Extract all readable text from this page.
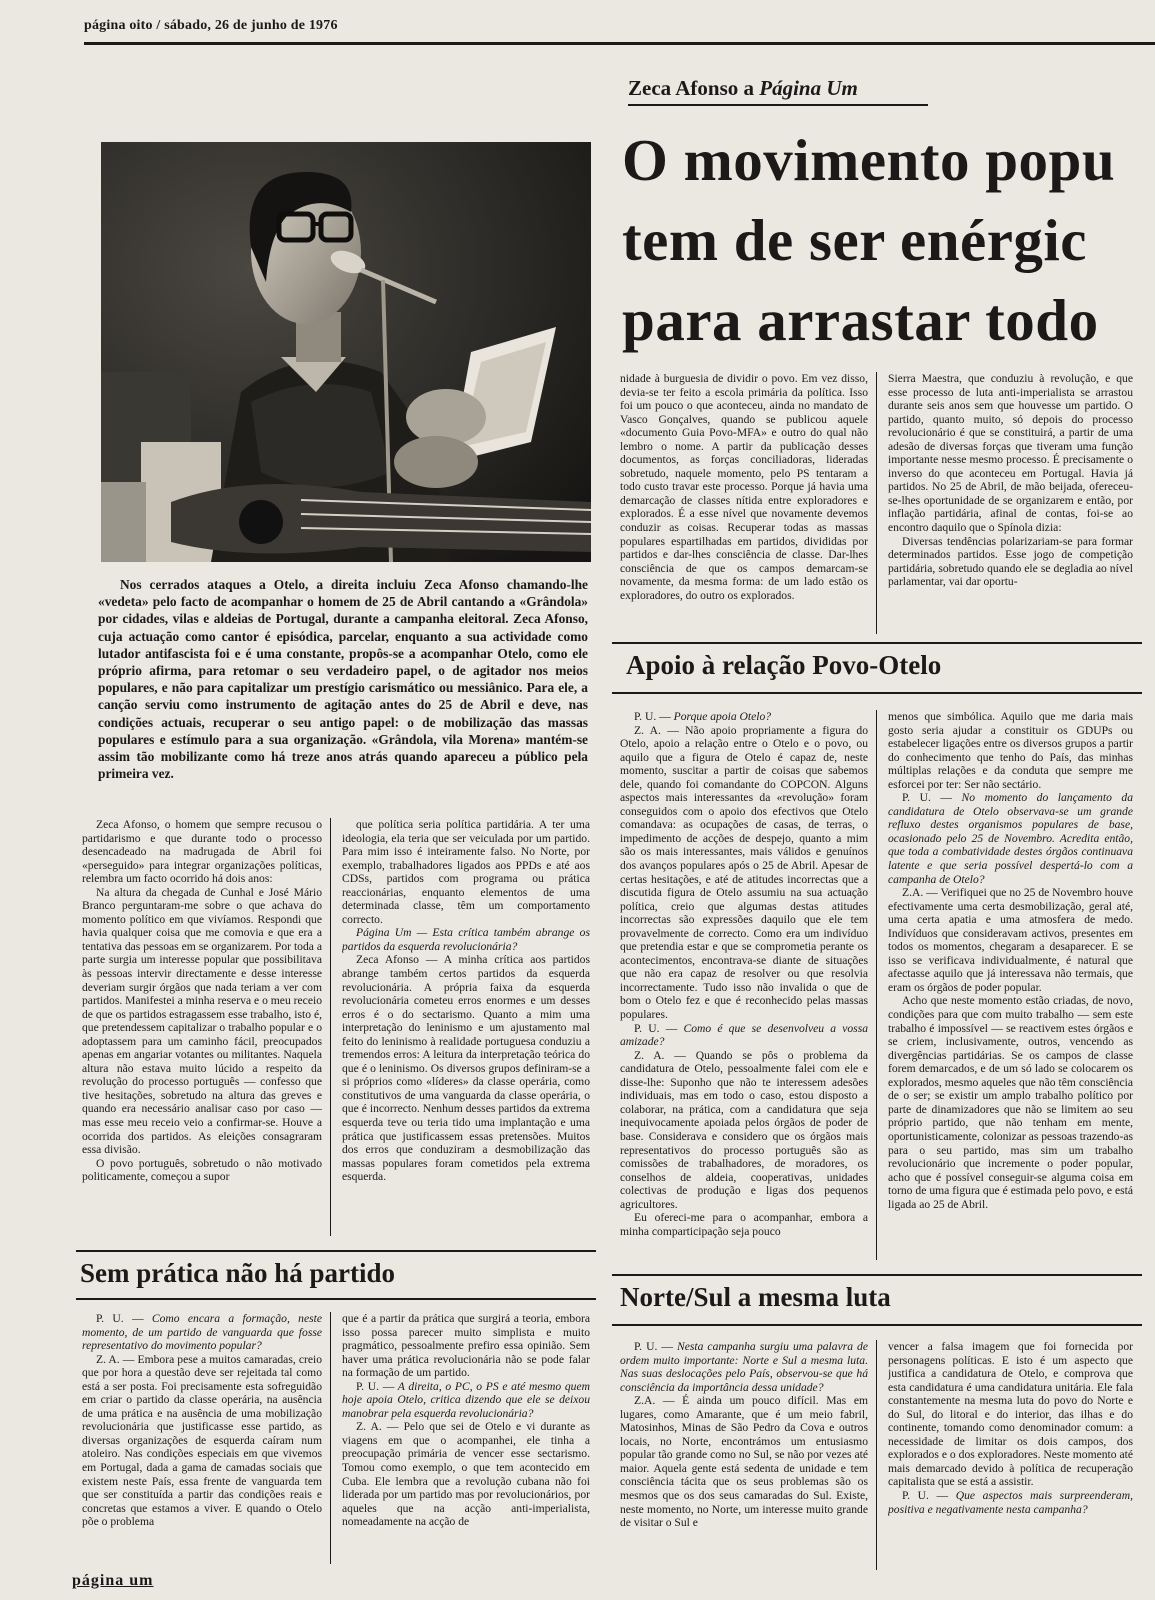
página oito / sábado, 26 de junho de 1976
Zeca Afonso a Página Um
O movimento popu
tem de ser enérgic
para arrastar todo

Nos cerrados ataques a Otelo, a direita incluiu Zeca Afonso chamando-lhe «vedeta» pelo facto de acompanhar o homem de 25 de Abril cantando a «Grândola» por cidades, vilas e aldeias de Portugal, durante a campanha eleitoral. Zeca Afonso, cuja actuação como cantor é episódica, parcelar, enquanto a sua actividade como lutador antifascista foi e é uma constante, propôs-se a acompanhar Otelo, como ele próprio afirma, para retomar o seu verdadeiro papel, o de agitador nos meios populares, e não para capitalizar um prestígio carismático ou messiânico. Para ele, a canção serviu como instrumento de agitação antes do 25 de Abril e deve, nas condições actuais, recuperar o seu antigo papel: o de mobilização das massas populares e estímulo para a sua organização. «Grândola, vila Morena» mantém-se assim tão mobilizante como há treze anos atrás quando apareceu a público pela primeira vez.

Zeca Afonso, o homem que sempre recusou o partidarismo e que durante todo o processo desencadeado na madrugada de Abril foi «perseguido» para integrar organizações políticas, relembra um facto ocorrido há dois anos:

Na altura da chegada de Cunhal e José Mário Branco perguntaram-me sobre o que achava do momento político em que vivíamos. Respondi que havia qualquer coisa que me comovia e que era a tentativa das pessoas em se organizarem. Por toda a parte surgia um interesse popular que possibilitava às pessoas intervir directamente e desse interesse deveriam surgir órgãos que nada teriam a ver com partidos. Manifestei a minha reserva e o meu receio de que os partidos estragassem esse trabalho, isto é, que pretendessem capitalizar o trabalho popular e o adoptassem para um caminho fácil, preocupados apenas em angariar votantes ou militantes. Naquela altura não estava muito lúcido a respeito da revolução do processo português — confesso que tive hesitações, sobretudo na altura das greves e quando era necessário analisar caso por caso — mas esse meu receio veio a confirmar-se. Houve a ocorrida dos partidos. As eleições consagraram essa divisão.

O povo português, sobretudo o não motivado politicamente, começou a supor

que política seria política partidária. A ter uma ideologia, ela teria que ser veiculada por um partido. Para mim isso é inteiramente falso. No Norte, por exemplo, trabalhadores ligados aos PPDs e até aos CDSs, partidos com programa ou prática reaccionárias, enquanto elementos de uma determinada classe, têm um comportamento correcto.

Página Um — Esta crítica também abrange os partidos da esquerda revolucionária?

Zeca Afonso — A minha crítica aos partidos abrange também certos partidos da esquerda revolucionária. A própria faixa da esquerda revolucionária cometeu erros enormes e um desses erros é o do sectarismo. Quanto a mim uma interpretação do leninismo e um ajustamento mal feito do leninismo à realidade portuguesa conduziu a tremendos erros: A leitura da interpretação teórica do que é o leninismo. Os diversos grupos definiram-se a si próprios como «líderes» da classe operária, como constitutivos de uma vanguarda da classe operária, o que é incorrecto. Nenhum desses partidos da extrema esquerda teve ou teria tido uma implantação e uma prática que justificassem essas pretensões. Muitos dos erros que conduziram a desmobilização das massas populares foram cometidos pela extrema esquerda.

nidade à burguesia de dividir o povo. Em vez disso, devia-se ter feito a escola primária da política. Isso foi um pouco o que aconteceu, ainda no mandato de Vasco Gonçalves, quando se publicou aquele «documento Guia Povo-MFA» e outro do qual não lembro o nome. A partir da publicação desses documentos, as forças conciliadoras, lideradas sobretudo, naquele momento, pelo PS tentaram a todo custo travar este processo. Porque já havia uma demarcação de classes nítida entre exploradores e explorados. É a esse nível que novamente devemos conduzir as coisas. Recuperar todas as massas populares espartilhadas em partidos, divididas por partidos e dar-lhes consciência de classe. Dar-lhes consciência de que os campos demarcam-se novamente, da mesma forma: de um lado estão os exploradores, do outro os explorados.

Sierra Maestra, que conduziu à revolução, e que esse processo de luta anti-imperialista se arrastou durante seis anos sem que houvesse um partido. O partido, quanto muito, só depois do processo revolucionário é que se constituirá, a partir de uma adesão de diversas forças que tiveram uma função importante nesse mesmo processo. É precisamente o inverso do que aconteceu em Portugal. Havia já partidos. No 25 de Abril, de mão beijada, ofereceu-se-lhes oportunidade de se organizarem e então, por inflação partidária, afinal de contas, foi-se ao encontro daquilo que o Spínola dizia:

Diversas tendências polarizariam-se para formar determinados partidos. Esse jogo de competição partidária, sobretudo quando ele se degladia ao nível parlamentar, vai dar oportu-

Apoio à relação Povo-Otelo

P. U. — Porque apoia Otelo?

Z. A. — Não apoio propriamente a figura do Otelo, apoio a relação entre o Otelo e o povo, ou aquilo que a figura de Otelo é capaz de, neste momento, suscitar a partir de coisas que sabemos dele, quando foi comandante do COPCON. Alguns aspectos mais interessantes da «revolução» foram conseguidos com o apoio dos efectivos que Otelo comandava: as ocupações de casas, de terras, o impedimento de acções de despejo, quanto a mim são os mais interessantes, mais válidos e genuínos dos avanços populares após o 25 de Abril. Apesar de certas hesitações, e até de atitudes incorrectas que a discutida figura de Otelo assumiu na sua actuação política, creio que algumas destas atitudes incorrectas são expressões daquilo que ele tem provavelmente de correcto. Como era um indivíduo que pretendia estar e que se comprometia perante os acontecimentos, encontrava-se diante de situações que não era capaz de resolver ou que resolvia incorrectamente. Tudo isso não invalida o que de bom o Otelo fez e que é reconhecido pelas massas populares.

P. U. — Como é que se desenvolveu a vossa amizade?

Z. A. — Quando se pôs o problema da candidatura de Otelo, pessoalmente falei com ele e disse-lhe: Suponho que não te interessem adesões individuais, mas em todo o caso, estou disposto a colaborar, na prática, com a candidatura que seja inequivocamente apoiada pelos órgãos de poder de base. Considerava e considero que os órgãos mais representativos do processo português são as comissões de trabalhadores, de moradores, os conselhos de aldeia, cooperativas, unidades colectivas de produção e ligas dos pequenos agricultores.

Eu ofereci-me para o acompanhar, embora a minha comparticipação seja pouco

menos que simbólica. Aquilo que me daria mais gosto seria ajudar a constituir os GDUPs ou estabelecer ligações entre os diversos grupos a partir do conhecimento que tenho do País, das minhas múltiplas relações e da conduta que sempre me esforcei por ter: Ser não sectário.

P. U. — No momento do lançamento da candidatura de Otelo observava-se um grande refluxo destes organismos populares de base, ocasionado pelo 25 de Novembro. Acredita então, que toda a combatividade destes órgãos continuava latente e que seria possível despertá-lo com a campanha de Otelo?

Z.A. — Verifiquei que no 25 de Novembro houve efectivamente uma certa desmobilização, geral até, uma certa apatia e uma atmosfera de medo. Indivíduos que consideravam activos, presentes em todos os momentos, chegaram a desaparecer. E se isso se verificava individualmente, é natural que afectasse aquilo que já interessava não termais, que eram os órgãos de poder popular.

Acho que neste momento estão criadas, de novo, condições para que com muito trabalho — sem este trabalho é impossível — se reactivem estes órgãos e se criem, inclusivamente, outros, vencendo as divergências partidárias. Se os campos de classe forem demarcados, e de um só lado se colocarem os explorados, mesmo aqueles que não têm consciência de o ser; se existir um amplo trabalho político por parte de dinamizadores que não se limitem ao seu próprio partido, que não tenham em mente, oportunisticamente, colonizar as pessoas trazendo-as para o seu partido, mas sim um trabalho revolucionário que incremente o poder popular, acho que é possível conseguir-se alguma coisa em torno de uma figura que é estimada pelo povo, e está ligada ao 25 de Abril.

Sem prática não há partido

P. U. — Como encara a formação, neste momento, de um partido de vanguarda que fosse representativo do movimento popular?

Z. A. — Embora pese a muitos camaradas, creio que por hora a questão deve ser rejeitada tal como está a ser posta. Foi precisamente esta sofreguidão em criar o partido da classe operária, na ausência de uma prática e na ausência de uma mobilização revolucionária que justificasse esse partido, as diversas organizações de esquerda caíram num atoleiro. Nas condições especiais em que vivemos em Portugal, dada a gama de camadas sociais que existem neste País, essa frente de vanguarda tem que ser constituída a partir das condições reais e concretas que estamos a viver. E quando o Otelo põe o problema

que é a partir da prática que surgirá a teoria, embora isso possa parecer muito simplista e muito pragmático, pessoalmente prefiro essa opinião. Sem haver uma prática revolucionária não se pode falar na formação de um partido.

P. U. — A direita, o PC, o PS e até mesmo quem hoje apoia Otelo, critica dizendo que ele se deixou manobrar pela esquerda revolucionária?

Z. A. — Pelo que sei de Otelo e vi durante as viagens em que o acompanhei, ele tinha a preocupação primária de vencer esse sectarismo. Tomou como exemplo, o que tem acontecido em Cuba. Ele lembra que a revolução cubana não foi liderada por um partido mas por revolucionários, por aqueles que na acção anti-imperialista, nomeadamente na acção de

Norte/Sul a mesma luta

P. U. — Nesta campanha surgiu uma palavra de ordem muito importante: Norte e Sul a mesma luta. Nas suas deslocações pelo País, observou-se que há consciência da importância dessa unidade?

Z.A. — É ainda um pouco difícil. Mas em lugares, como Amarante, que é um meio fabril, Matosinhos, Minas de São Pedro da Cova e outros locais, no Norte, encontrámos um entusiasmo popular tão grande como no Sul, se não por vezes até maior. Aquela gente está sedenta de unidade e tem consciência tácita que os seus problemas são os mesmos que os dos seus camaradas do Sul. Existe, neste momento, no Norte, um interesse muito grande de visitar o Sul e

vencer a falsa imagem que foi fornecida por personagens políticas. E isto é um aspecto que justifica a candidatura de Otelo, e comprova que esta candidatura é uma candidatura unitária. Ele fala constantemente na mesma luta do povo do Norte e do Sul, do litoral e do interior, das ilhas e do continente, tomando como denominador comum: a necessidade de limitar os dois campos, dos explorados e o dos exploradores. Neste momento até mais demarcado devido à política de recuperação capitalista que se está a assistir.

P. U. — Que aspectos mais surpreenderam, positiva e negativamente nesta campanha?

página um
